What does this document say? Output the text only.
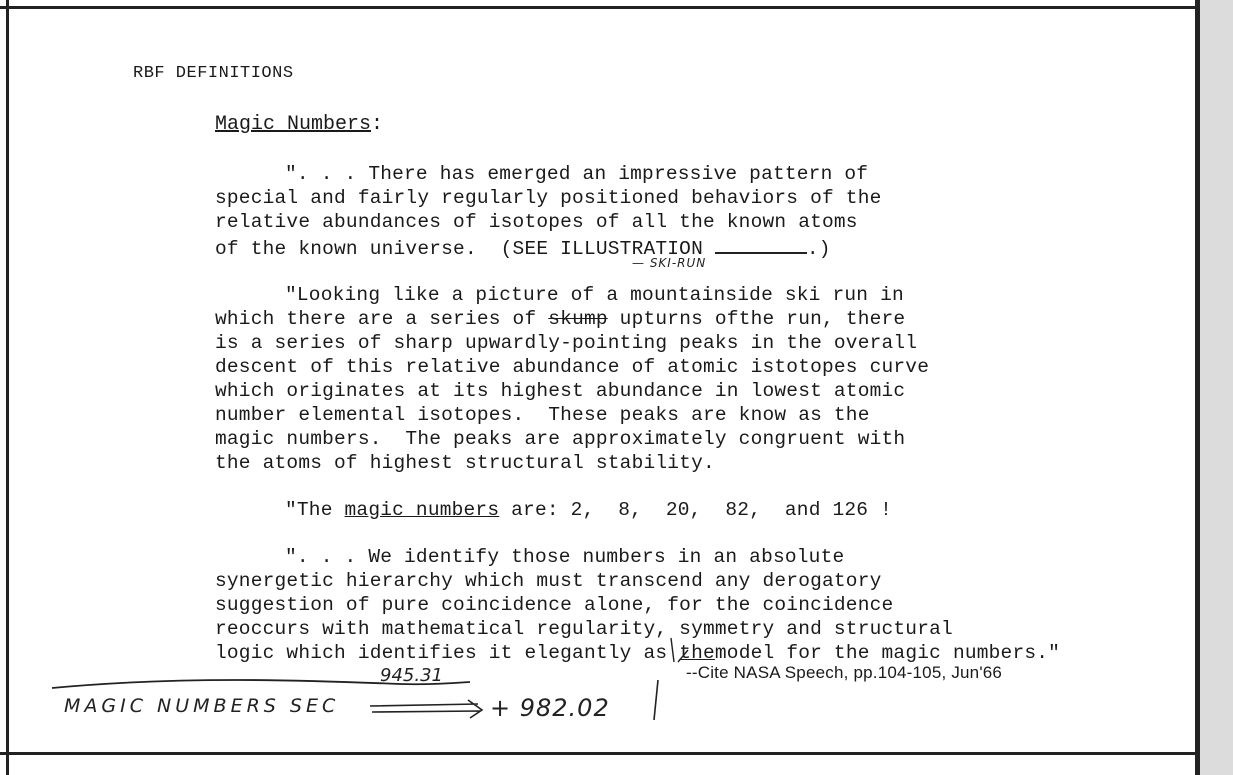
RBF DEFINITIONS
Magic Numbers:
". . . There has emerged an impressive pattern of
special and fairly regularly positioned behaviors of the
relative abundances of isotopes of all the known atoms
of the known universe.  (SEE ILLUSTRATION	.)
"Looking like a picture of a mountainside ski run in
which there are a series of skump upturns ofthe run, there
is a series of sharp upwardly-pointing peaks in the overall
descent of this relative abundance of atomic istotopes curve
which originates at its highest abundance in lowest atomic
number elemental isotopes.  These peaks are know as the
magic numbers.  The peaks are approximately congruent with
the atoms of highest structural stability.
"The magic numbers are: 2,  8,  20,  82,  and 126 !
". . . We identify those numbers in an absolute
synergetic hierarchy which must transcend any derogatory
suggestion of pure coincidence alone, for the coincidence
reoccurs with mathematical regularity, symmetry and structural
logic which identifies it elegantly as themodel for the magic numbers."
--Cite NASA Speech, pp.104-105, Jun'66
— SKI-RUN
945.31
MAGIC NUMBERS SEC	+ 982.02
